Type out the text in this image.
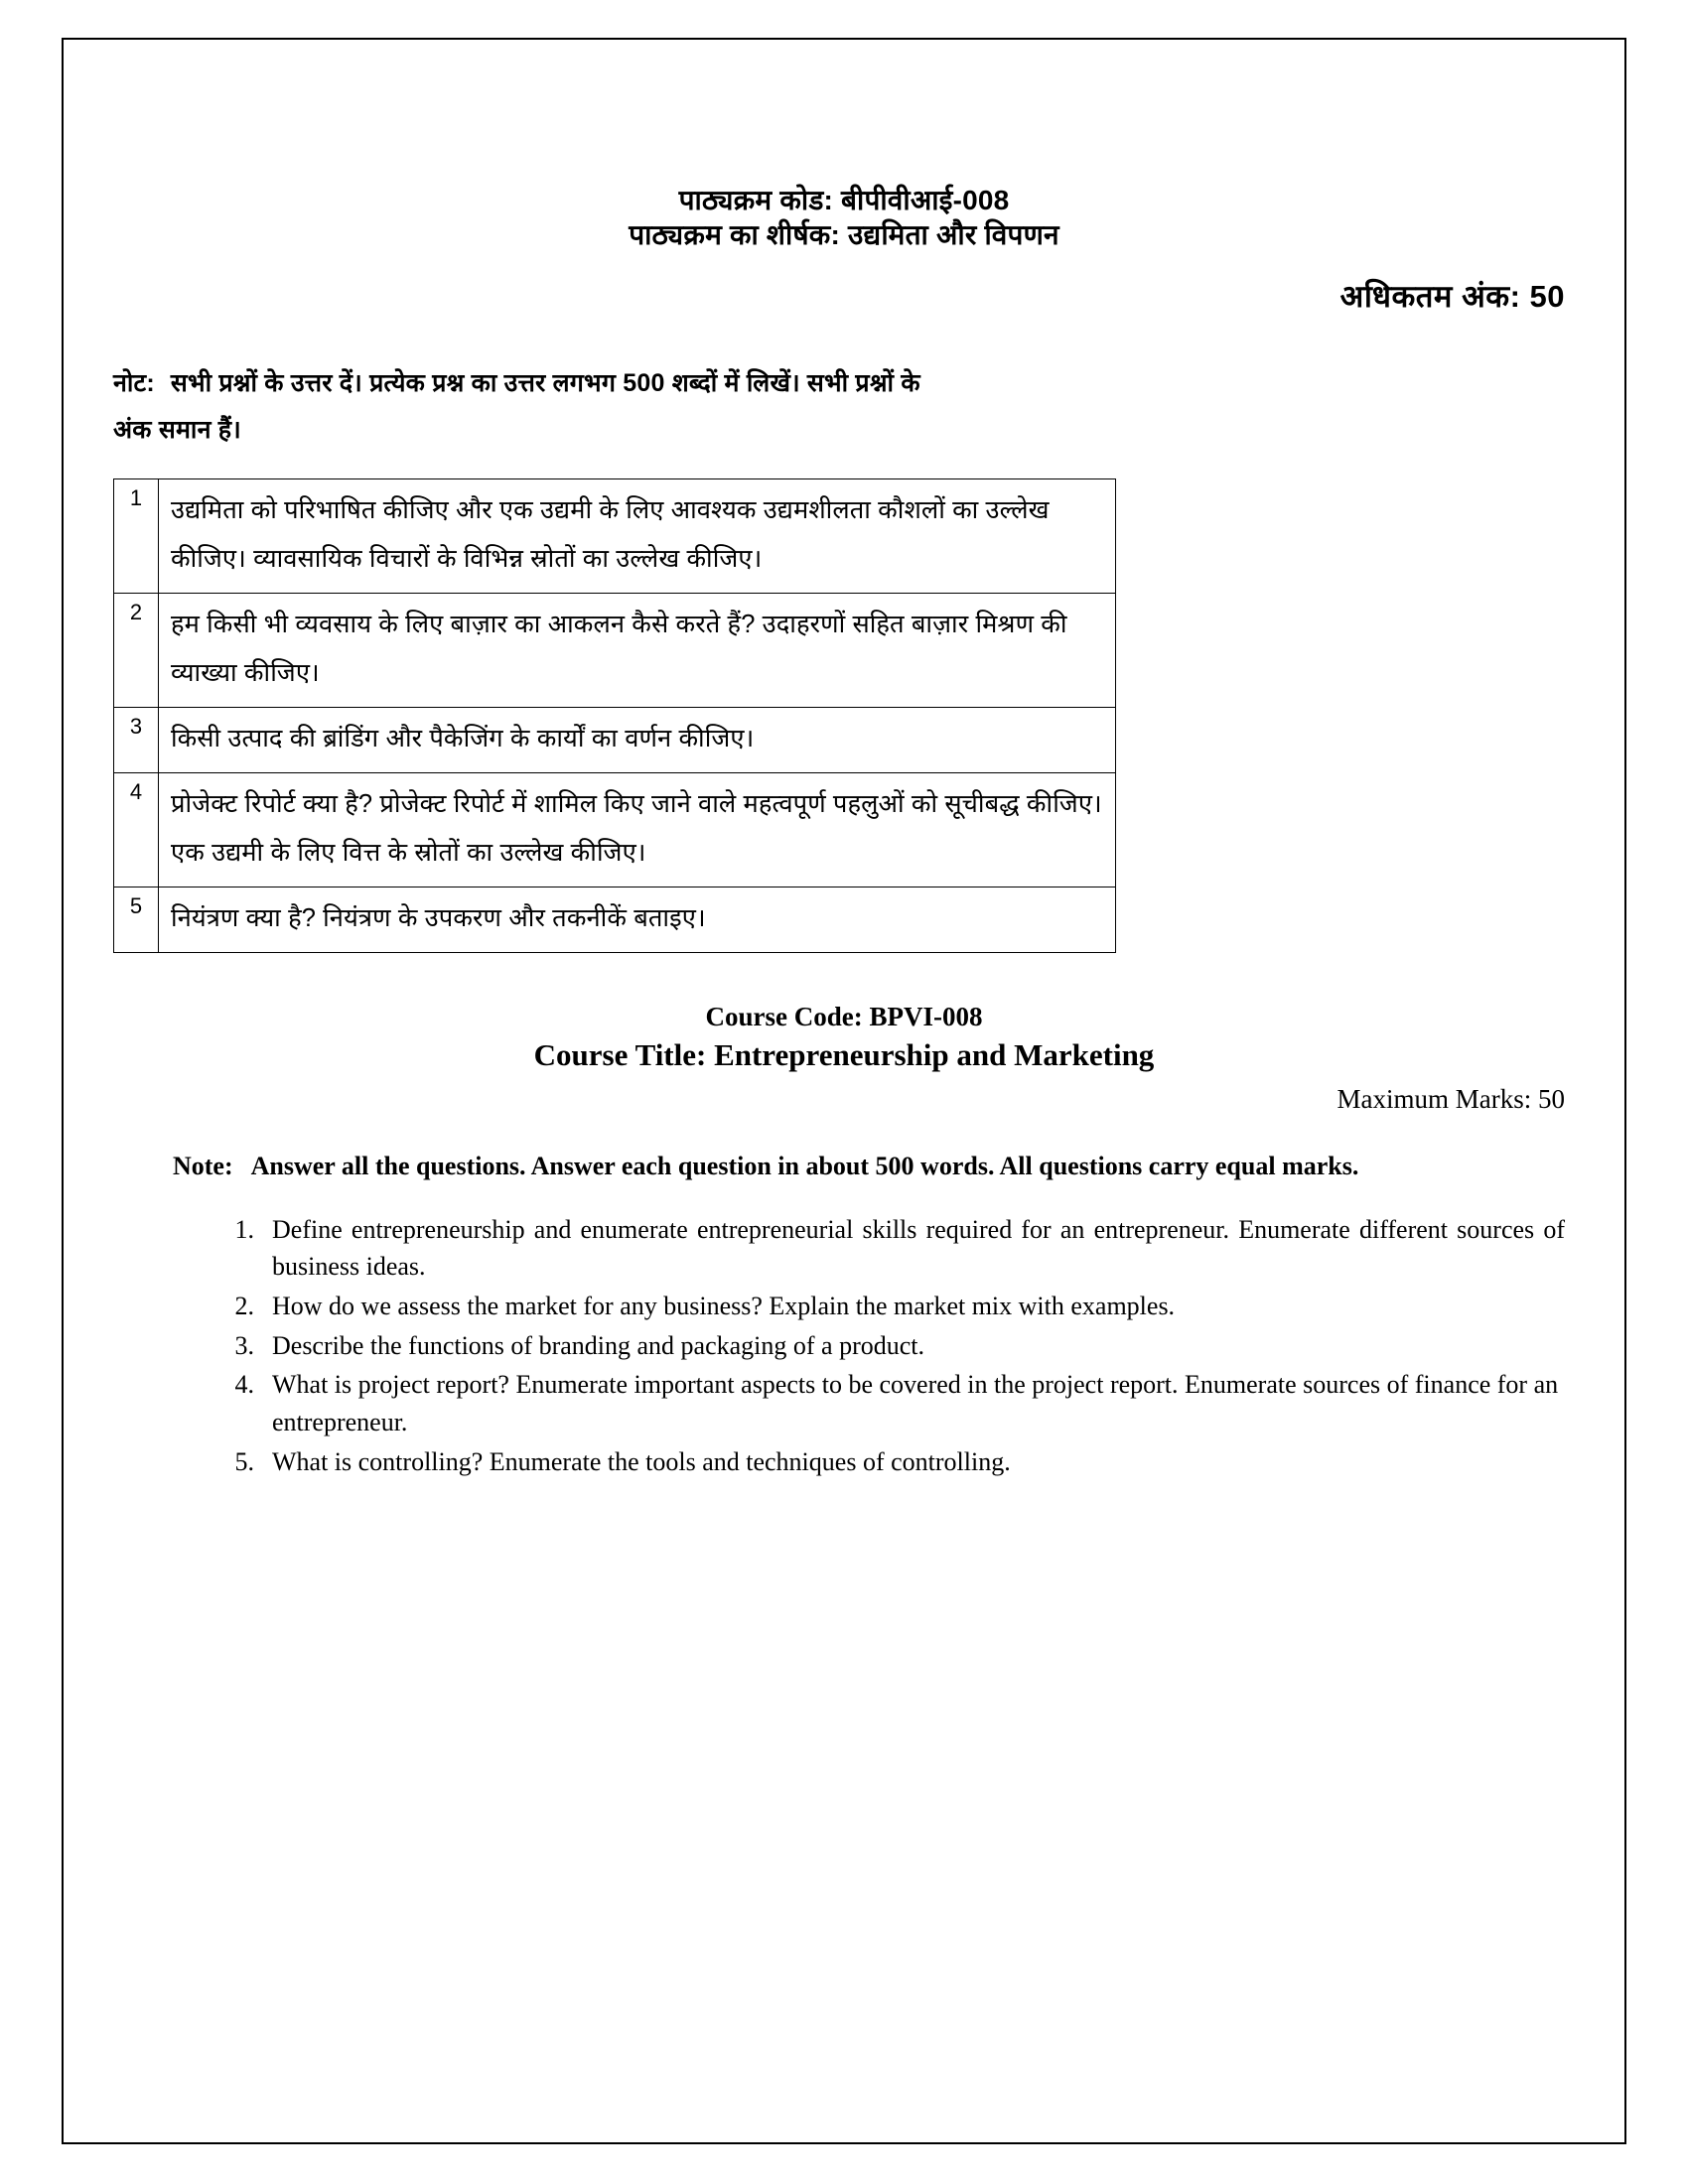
पाठ्यक्रम कोड: बीपीवीआई-008
पाठ्यक्रम का शीर्षक: उद्यमिता और विपणन
अधिकतम अंक: 50
नोट: सभी प्रश्नों के उत्तर दें। प्रत्येक प्रश्न का उत्तर लगभग 500 शब्दों में लिखें। सभी प्रश्नों के
अंक समान हैं।
1	उद्यमिता को परिभाषित कीजिए और एक उद्यमी के लिए आवश्यक उद्यमशीलता कौशलों का उल्लेख कीजिए। व्यावसायिक विचारों के विभिन्न स्रोतों का उल्लेख कीजिए।
2	हम किसी भी व्यवसाय के लिए बाज़ार का आकलन कैसे करते हैं? उदाहरणों सहित बाज़ार मिश्रण की व्याख्या कीजिए।
3	किसी उत्पाद की ब्रांडिंग और पैकेजिंग के कार्यों का वर्णन कीजिए।
4	प्रोजेक्ट रिपोर्ट क्या है? प्रोजेक्ट रिपोर्ट में शामिल किए जाने वाले महत्वपूर्ण पहलुओं को सूचीबद्ध कीजिए। एक उद्यमी के लिए वित्त के स्रोतों का उल्लेख कीजिए।
5	नियंत्रण क्या है? नियंत्रण के उपकरण और तकनीकें बताइए।
Course Code: BPVI-008
Course Title: Entrepreneurship and Marketing
Maximum Marks: 50
Note: Answer all the questions. Answer each question in about 500 words. All questions carry equal marks.
1. Define entrepreneurship and enumerate entrepreneurial skills required for an entrepreneur. Enumerate different sources of business ideas.
2. How do we assess the market for any business? Explain the market mix with examples.
3. Describe the functions of branding and packaging of a product.
4. What is project report? Enumerate important aspects to be covered in the project report. Enumerate sources of finance for an entrepreneur.
5. What is controlling? Enumerate the tools and techniques of controlling.
